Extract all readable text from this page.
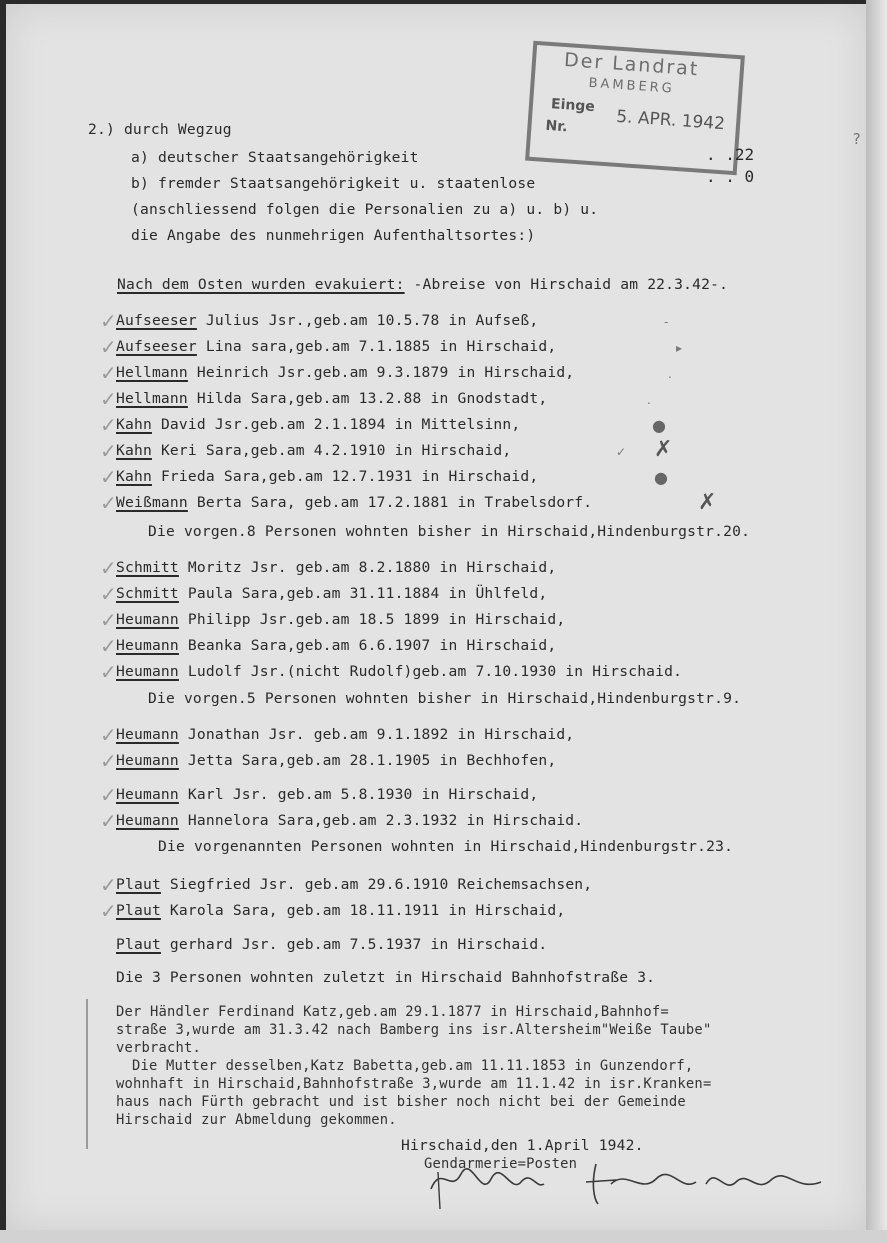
Der Landrat
BAMBERG
Einge
5. APR. 1942
Nr.
?
2.) durch Wegzug
a) deutscher Staatsangehörigkeit
b) fremder Staatsangehörigkeit u. staatenlose
(anschliessend folgen die Personalien zu a) u. b) u.
die Angabe des nunmehrigen Aufenthaltsortes:)
. .22
. . 0
Nach dem Osten wurden evakuiert: -Abreise von Hirschaid am 22.3.42-.
✓ Aufseeser Julius Jsr.,geb.am 10.5.78 in Aufseß,	‐
✓ Aufseeser Lina sara,geb.am 7.1.1885 in Hirschaid,	▸
✓ Hellmann Heinrich Jsr.geb.am 9.3.1879 in Hirschaid,	.
✓ Hellmann Hilda Sara,geb.am 13.2.88 in Gnodstadt,	.
✓ Kahn David Jsr.geb.am 2.1.1894 in Mittelsinn,	●
✓ Kahn Keri Sara,geb.am 4.2.1910 in Hirschaid,	✓ ✗
✓ Kahn Frieda Sara,geb.am 12.7.1931 in Hirschaid,	●
✓ Weißmann Berta Sara, geb.am 17.2.1881 in Trabelsdorf.	✗
Die vorgen.8 Personen wohnten bisher in Hirschaid,Hindenburgstr.20.
✓ Schmitt Moritz Jsr. geb.am 8.2.1880 in Hirschaid,
✓ Schmitt Paula Sara,geb.am 31.11.1884 in Ühlfeld,
✓ Heumann Philipp Jsr.geb.am 18.5 1899 in Hirschaid,
✓ Heumann Beanka Sara,geb.am 6.6.1907 in Hirschaid,
✓ Heumann Ludolf Jsr.(nicht Rudolf)geb.am 7.10.1930 in Hirschaid.
Die vorgen.5 Personen wohnten bisher in Hirschaid,Hindenburgstr.9.
✓ Heumann Jonathan Jsr. geb.am 9.1.1892 in Hirschaid,
✓ Heumann Jetta Sara,geb.am 28.1.1905 in Bechhofen,
✓ Heumann Karl Jsr. geb.am 5.8.1930 in Hirschaid,
✓ Heumann Hannelora Sara,geb.am 2.3.1932 in Hirschaid.
Die vorgenannten Personen wohnten in Hirschaid,Hindenburgstr.23.
✓ Plaut Siegfried Jsr. geb.am 29.6.1910 Reichemsachsen,
✓ Plaut Karola Sara, geb.am 18.11.1911 in Hirschaid,
Plaut gerhard Jsr. geb.am 7.5.1937 in Hirschaid.
Die 3 Personen wohnten zuletzt in Hirschaid Bahnhofstraße 3.
Der Händler Ferdinand Katz,geb.am 29.1.1877 in Hirschaid,Bahnhof=
straße 3,wurde am 31.3.42 nach Bamberg ins isr.Altersheim"Weiße Taube"
verbracht.
Die Mutter desselben,Katz Babetta,geb.am 11.11.1853 in Gunzendorf,
wohnhaft in Hirschaid,Bahnhofstraße 3,wurde am 11.1.42 in isr.Kranken=
haus nach Fürth gebracht und ist bisher noch nicht bei der Gemeinde
Hirschaid zur Abmeldung gekommen.
Hirschaid,den 1.April 1942.
Gendarmerie=Posten
